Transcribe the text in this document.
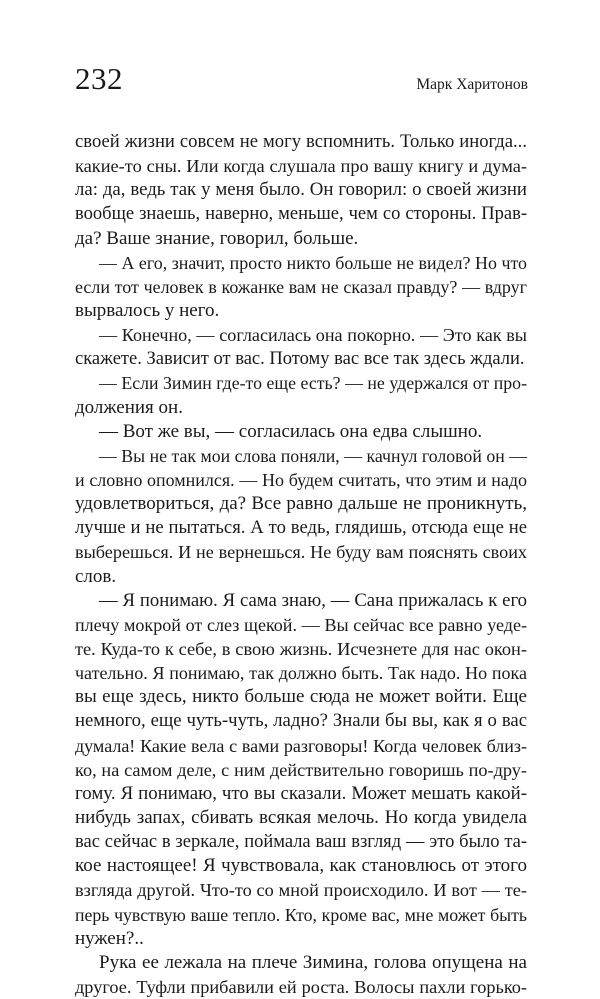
232	Марк Харитонов
своей жизни совсем не могу вспомнить. Только иногда...
какие-то сны. Или когда слушала про вашу книгу и дума-
ла: да, ведь так у меня было. Он говорил: о своей жизни
вообще знаешь, наверно, меньше, чем со стороны. Прав-
да? Ваше знание, говорил, больше.
— А его, значит, просто никто больше не видел? Но что
если тот человек в кожанке вам не сказал правду? — вдруг
вырвалось у него.
— Конечно, — согласилась она покорно. — Это как вы
скажете. Зависит от вас. Потому вас все так здесь ждали.
— Если Зимин где-то еще есть? — не удержался от про-
должения он.
— Вот же вы, — согласилась она едва слышно.
— Вы не так мои слова поняли, — качнул головой он —
и словно опомнился. — Но будем считать, что этим и надо
удовлетвориться, да? Все равно дальше не проникнуть,
лучше и не пытаться. А то ведь, глядишь, отсюда еще не
выберешься. И не вернешься. Не буду вам пояснять своих
слов.
— Я понимаю. Я сама знаю, — Сана прижалась к его
плечу мокрой от слез щекой. — Вы сейчас все равно уеде-
те. Куда-то к себе, в свою жизнь. Исчезнете для нас окон-
чательно. Я понимаю, так должно быть. Так надо. Но пока
вы еще здесь, никто больше сюда не может войти. Еще
немного, еще чуть-чуть, ладно? Знали бы вы, как я о вас
думала! Какие вела с вами разговоры! Когда человек близ-
ко, на самом деле, с ним действительно говоришь по-дру-
гому. Я понимаю, что вы сказали. Может мешать какой-
нибудь запах, сбивать всякая мелочь. Но когда увидела
вас сейчас в зеркале, поймала ваш взгляд — это было та-
кое настоящее! Я чувствовала, как становлюсь от этого
взгляда другой. Что-то со мной происходило. И вот — те-
перь чувствую ваше тепло. Кто, кроме вас, мне может быть
нужен?..
Рука ее лежала на плече Зимина, голова опущена на
другое. Туфли прибавили ей роста. Волосы пахли горько-
